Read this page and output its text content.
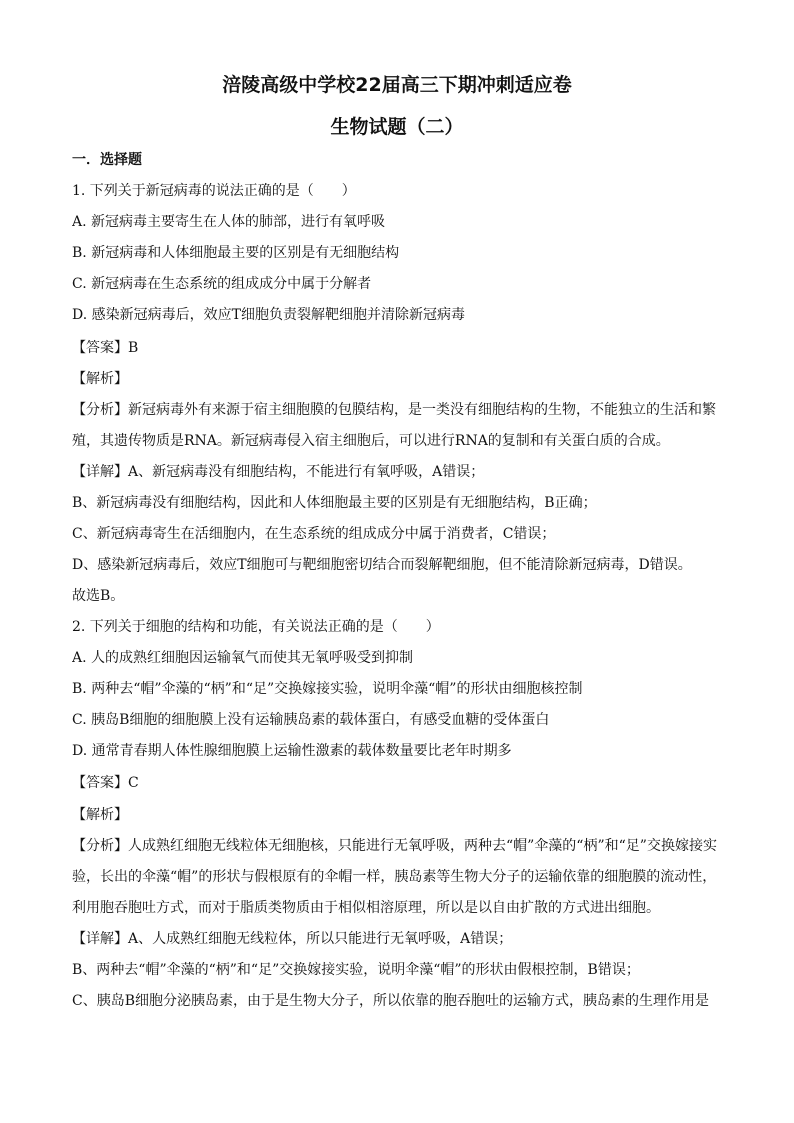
涪陵高级中学校22届高三下期冲刺适应卷
生物试题（二）
一．选择题
1. 下列关于新冠病毒的说法正确的是（　　）
A. 新冠病毒主要寄生在人体的肺部，进行有氧呼吸
B. 新冠病毒和人体细胞最主要的区别是有无细胞结构
C. 新冠病毒在生态系统的组成成分中属于分解者
D. 感染新冠病毒后，效应T细胞负责裂解靶细胞并清除新冠病毒
【答案】B
【解析】
【分析】新冠病毒外有来源于宿主细胞膜的包膜结构，是一类没有细胞结构的生物，不能独立的生活和繁
殖，其遗传物质是RNA。新冠病毒侵入宿主细胞后，可以进行RNA的复制和有关蛋白质的合成。
【详解】A、新冠病毒没有细胞结构，不能进行有氧呼吸，A错误；
B、新冠病毒没有细胞结构，因此和人体细胞最主要的区别是有无细胞结构，B正确；
C、新冠病毒寄生在活细胞内，在生态系统的组成成分中属于消费者，C错误；
D、感染新冠病毒后，效应T细胞可与靶细胞密切结合而裂解靶细胞，但不能清除新冠病毒，D错误。
故选B。
2. 下列关于细胞的结构和功能，有关说法正确的是（　　）
A. 人的成熟红细胞因运输氧气而使其无氧呼吸受到抑制
B. 两种去“帽”伞藻的“柄”和“足”交换嫁接实验，说明伞藻“帽”的形状由细胞核控制
C. 胰岛B细胞的细胞膜上没有运输胰岛素的载体蛋白，有感受血糖的受体蛋白
D. 通常青春期人体性腺细胞膜上运输性激素的载体数量要比老年时期多
【答案】C
【解析】
【分析】人成熟红细胞无线粒体无细胞核，只能进行无氧呼吸，两种去“帽”伞藻的“柄”和“足”交换嫁接实
验，长出的伞藻“帽”的形状与假根原有的伞帽一样，胰岛素等生物大分子的运输依靠的细胞膜的流动性，
利用胞吞胞吐方式，而对于脂质类物质由于相似相溶原理，所以是以自由扩散的方式进出细胞。
【详解】A、人成熟红细胞无线粒体，所以只能进行无氧呼吸，A错误；
B、两种去“帽”伞藻的“柄”和“足”交换嫁接实验，说明伞藻“帽”的形状由假根控制，B错误；
C、胰岛B细胞分泌胰岛素，由于是生物大分子，所以依靠的胞吞胞吐的运输方式，胰岛素的生理作用是
